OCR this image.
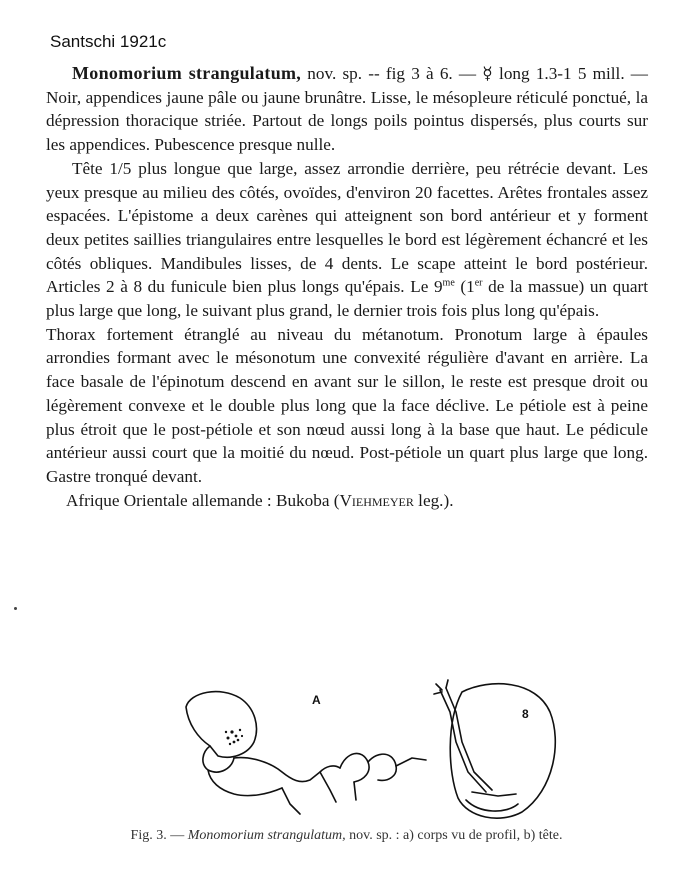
Santschi 1921c

Monomorium strangulatum, nov. sp. -- fig 3 à 6. — ☿ long 1.3-1 5 mill. — Noir, appendices jaune pâle ou jaune brunâtre. Lisse, le mésopleure réticulé ponctué, la dépression thoracique striée. Partout de longs poils pointus dispersés, plus courts sur les appendices. Pubescence presque nulle.

Tête 1/5 plus longue que large, assez arrondie derrière, peu rétrécie devant. Les yeux presque au milieu des côtés, ovoïdes, d'environ 20 facettes. Arêtes frontales assez espacées. L'épistome a deux carènes qui atteignent son bord antérieur et y forment deux petites saillies triangulaires entre lesquelles le bord est légèrement échancré et les côtés obliques. Mandibules lisses, de 4 dents. Le scape atteint le bord postérieur. Articles 2 à 8 du funicule bien plus longs qu'épais. Le $9^{me}$ (1er de la massue) un quart plus large que long, le suivant plus grand, le dernier trois fois plus long qu'épais.

Thorax fortement étranglé au niveau du métanotum. Pronotum large à épaules arrondies formant avec le mésonotum une convexité régulière d'avant en arrière. La face basale de l'épinotum descend en avant sur le sillon, le reste est presque droit ou légèrement convexe et le double plus long que la face déclive. Le pétiole est à peine plus étroit que le post-pétiole et son nœud aussi long à la base que haut. Le pédicule antérieur aussi court que la moitié du nœud. Post-pétiole un quart plus large que long. Gastre tronqué devant.

Afrique Orientale allemande : Bukoba (Viehmeyer leg.).

A
8
Fig. 3. — Monomorium strangulatum, nov. sp. : a) corps vu de profil, b) tête.
